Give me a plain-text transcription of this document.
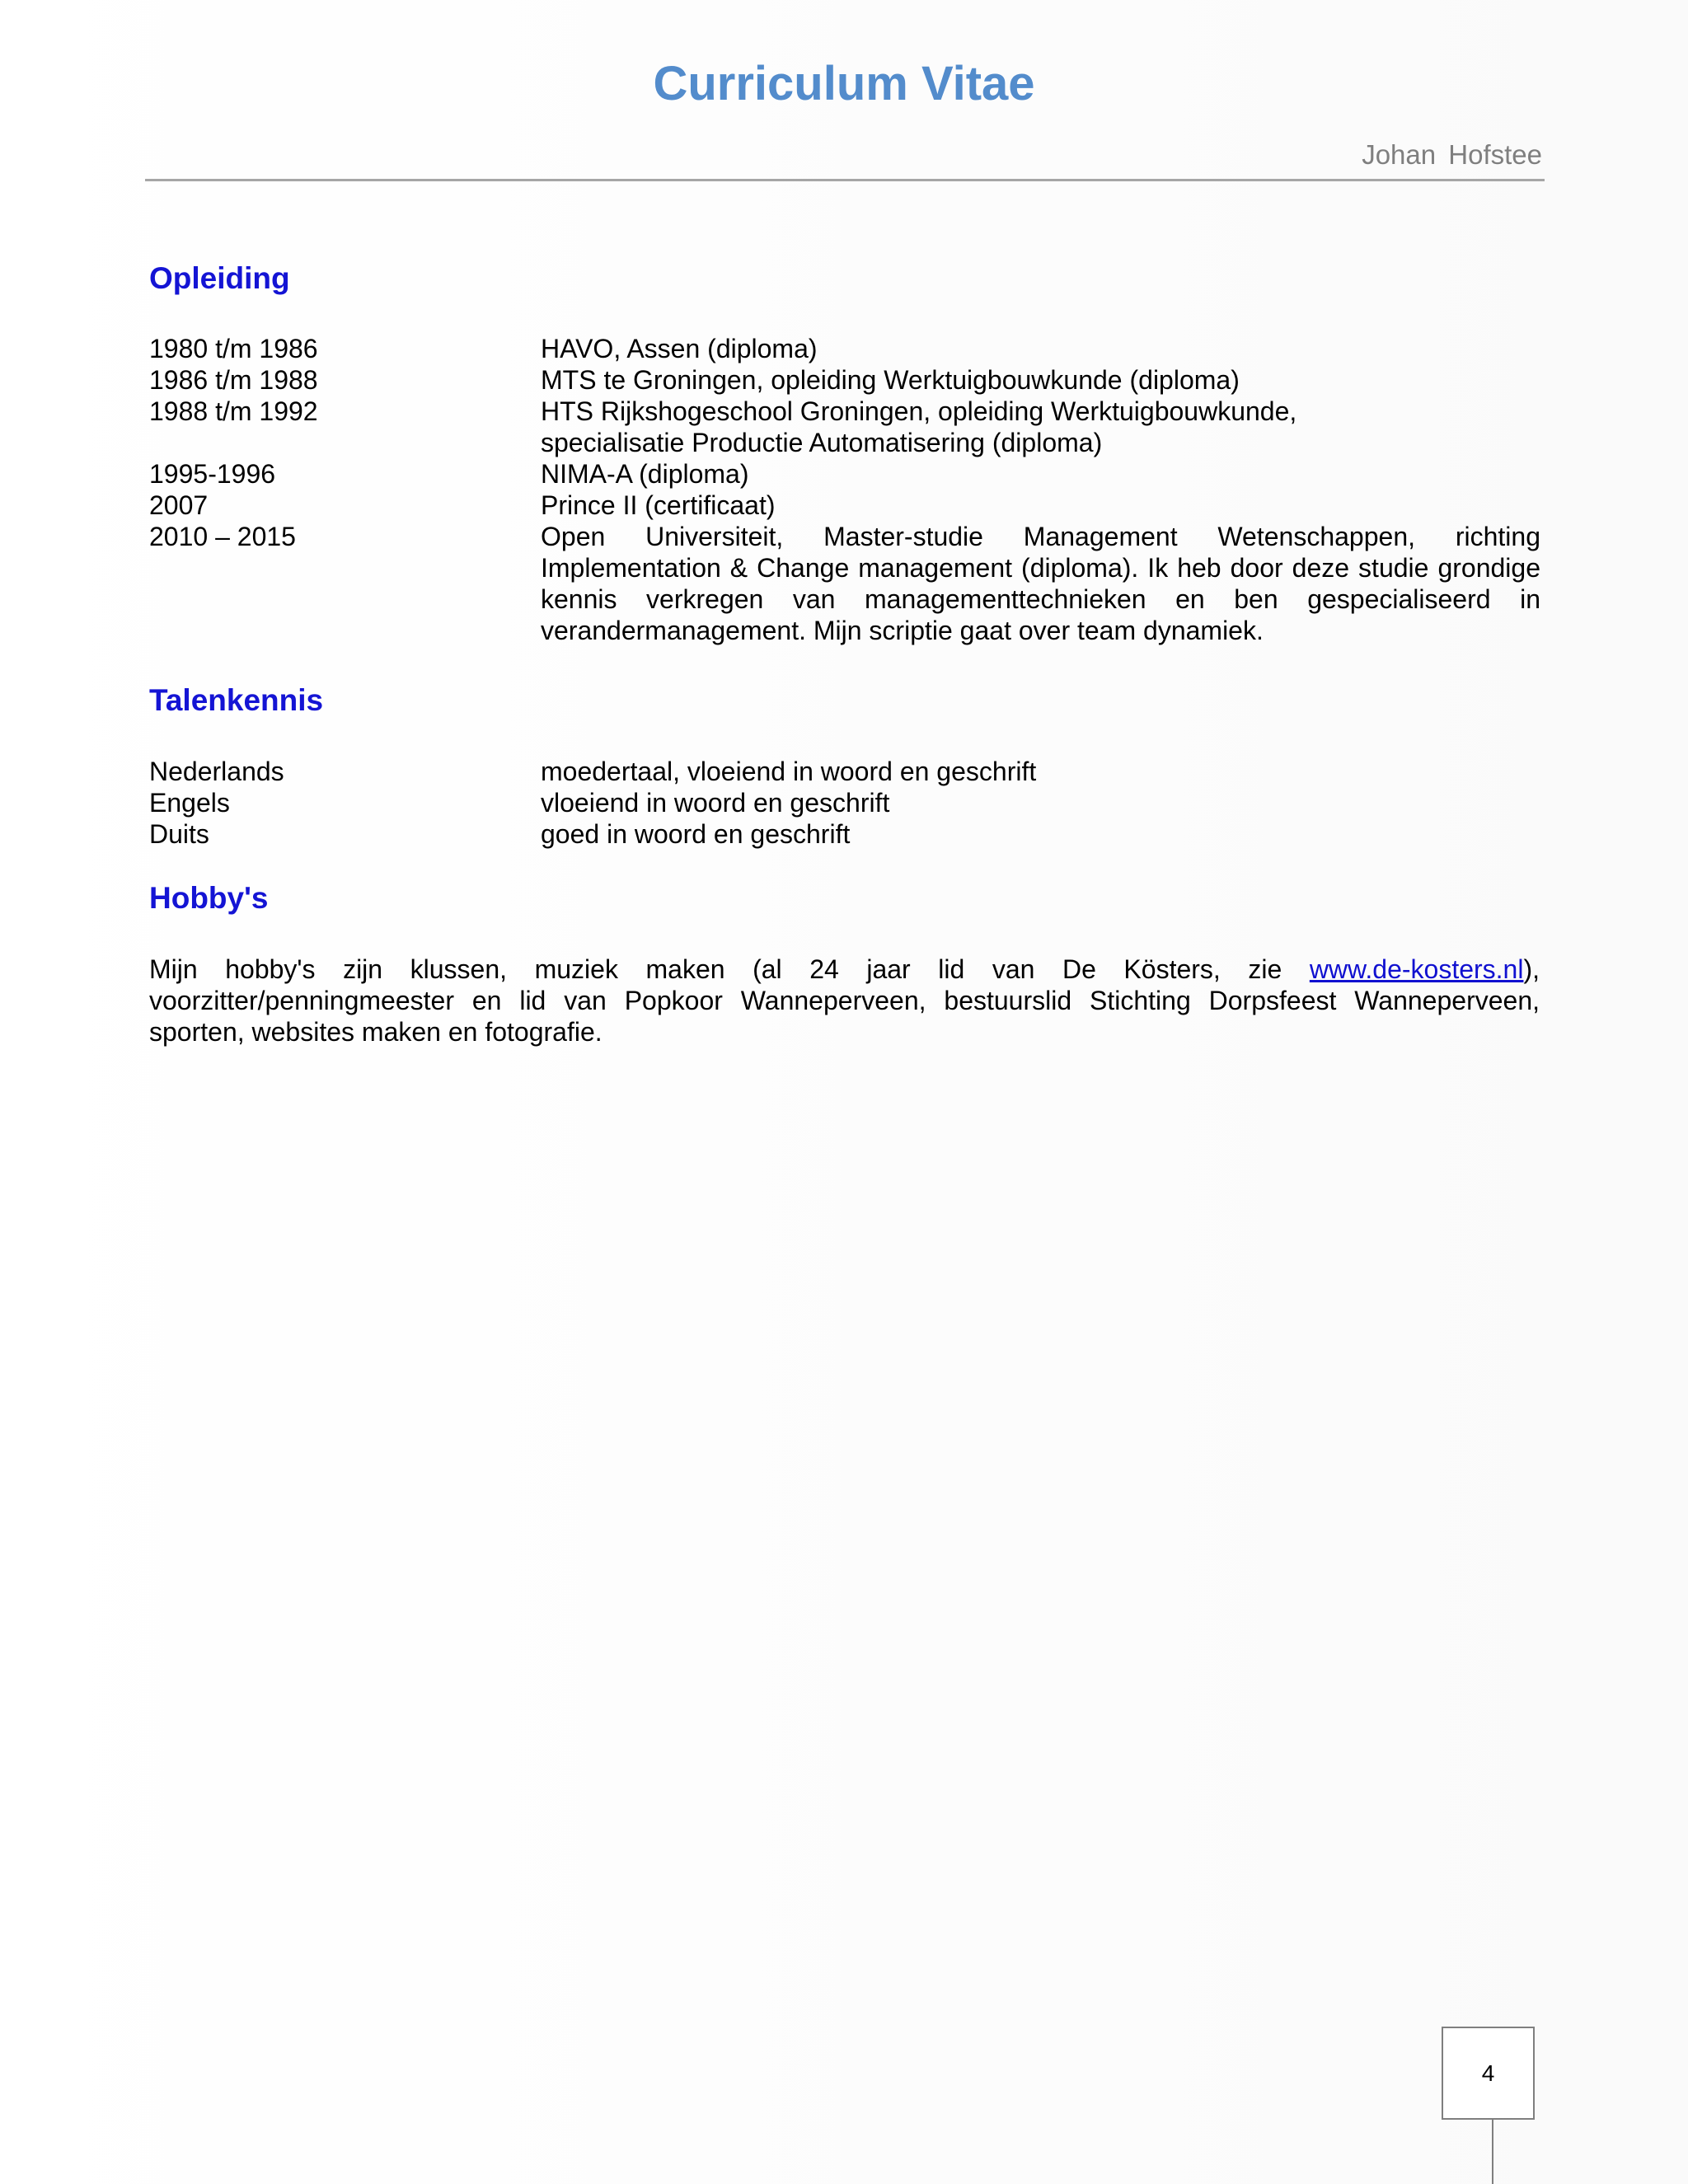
Curriculum Vitae
Johan Hofstee
Opleiding
1980 t/m 1986	HAVO, Assen (diploma)
1986 t/m 1988	MTS te Groningen, opleiding Werktuigbouwkunde (diploma)
1988 t/m 1992	HTS Rijkshogeschool Groningen, opleiding Werktuigbouwkunde, specialisatie Productie Automatisering (diploma)
1995-1996	NIMA-A (diploma)
2007	Prince II (certificaat)
2010 – 2015	Open Universiteit, Master-studie Management Wetenschappen, richting Implementation & Change management (diploma). Ik heb door deze studie grondige kennis verkregen van managementtechnieken en ben gespecialiseerd in verandermanagement. Mijn scriptie gaat over team dynamiek.
Talenkennis
Nederlands	moedertaal, vloeiend in woord en geschrift
Engels	vloeiend in woord en geschrift
Duits	goed in woord en geschrift
Hobby's
Mijn hobby's zijn klussen, muziek maken (al 24 jaar lid van De Kösters, zie www.de-kosters.nl), voorzitter/penningmeester en lid van Popkoor Wanneperveen, bestuurslid Stichting Dorpsfeest Wanneperveen, sporten, websites maken en fotografie.
4
